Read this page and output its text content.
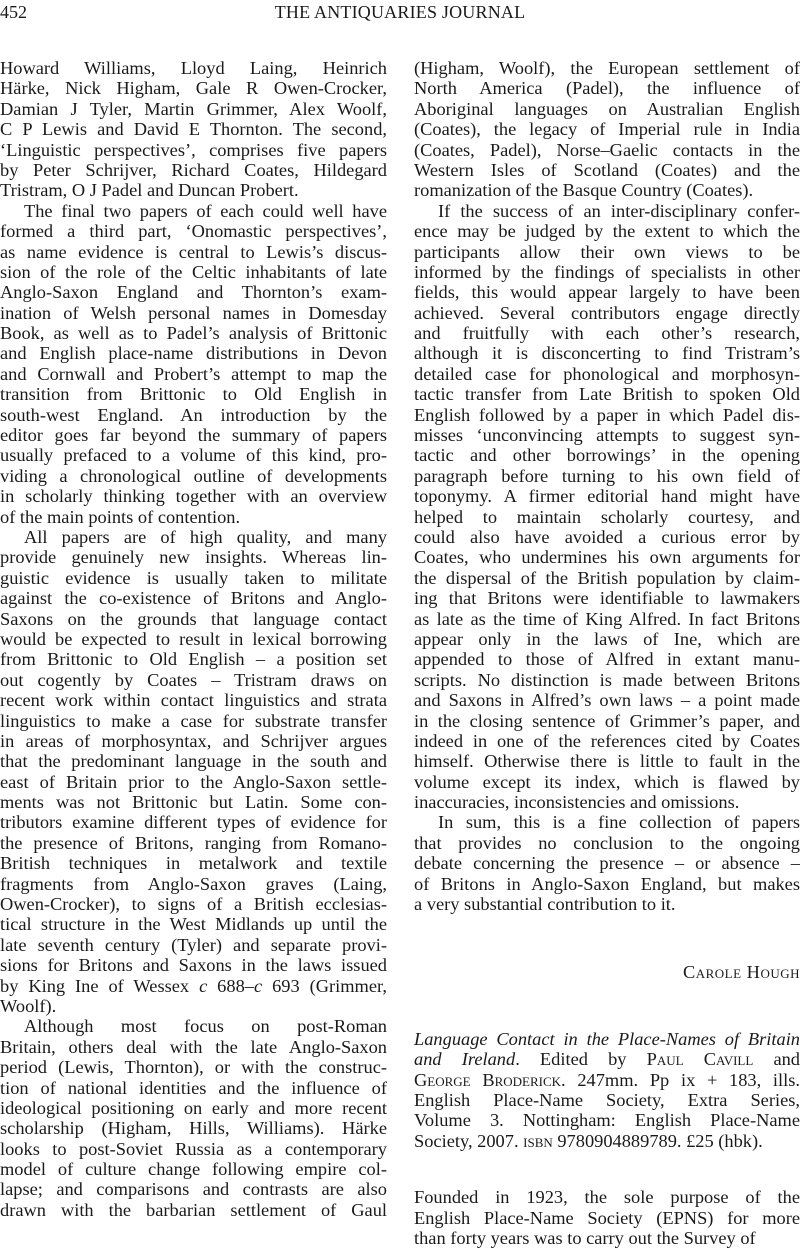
452	THE ANTIQUARIES JOURNAL
Howard Williams, Lloyd Laing, Heinrich
Härke, Nick Higham, Gale R Owen-Crocker,
Damian J Tyler, Martin Grimmer, Alex Woolf,
C P Lewis and David E Thornton. The second,
‘Linguistic perspectives’, comprises five papers
by Peter Schrijver, Richard Coates, Hildegard
Tristram, O J Padel and Duncan Probert.
The final two papers of each could well have
formed a third part, ‘Onomastic perspectives’,
as name evidence is central to Lewis’s discus-
sion of the role of the Celtic inhabitants of late
Anglo-Saxon England and Thornton’s exam-
ination of Welsh personal names in Domesday
Book, as well as to Padel’s analysis of Brittonic
and English place-name distributions in Devon
and Cornwall and Probert’s attempt to map the
transition from Brittonic to Old English in
south-west England. An introduction by the
editor goes far beyond the summary of papers
usually prefaced to a volume of this kind, pro-
viding a chronological outline of developments
in scholarly thinking together with an overview
of the main points of contention.
All papers are of high quality, and many
provide genuinely new insights. Whereas lin-
guistic evidence is usually taken to militate
against the co-existence of Britons and Anglo-
Saxons on the grounds that language contact
would be expected to result in lexical borrowing
from Brittonic to Old English – a position set
out cogently by Coates – Tristram draws on
recent work within contact linguistics and strata
linguistics to make a case for substrate transfer
in areas of morphosyntax, and Schrijver argues
that the predominant language in the south and
east of Britain prior to the Anglo-Saxon settle-
ments was not Brittonic but Latin. Some con-
tributors examine different types of evidence for
the presence of Britons, ranging from Romano-
British techniques in metalwork and textile
fragments from Anglo-Saxon graves (Laing,
Owen-Crocker), to signs of a British ecclesias-
tical structure in the West Midlands up until the
late seventh century (Tyler) and separate provi-
sions for Britons and Saxons in the laws issued
by King Ine of Wessex c 688–c 693 (Grimmer,
Woolf).
Although most focus on post-Roman
Britain, others deal with the late Anglo-Saxon
period (Lewis, Thornton), or with the construc-
tion of national identities and the influence of
ideological positioning on early and more recent
scholarship (Higham, Hills, Williams). Härke
looks to post-Soviet Russia as a contemporary
model of culture change following empire col-
lapse; and comparisons and contrasts are also
drawn with the barbarian settlement of Gaul
(Higham, Woolf), the European settlement of
North America (Padel), the influence of
Aboriginal languages on Australian English
(Coates), the legacy of Imperial rule in India
(Coates, Padel), Norse–Gaelic contacts in the
Western Isles of Scotland (Coates) and the
romanization of the Basque Country (Coates).
If the success of an inter-disciplinary confer-
ence may be judged by the extent to which the
participants allow their own views to be
informed by the findings of specialists in other
fields, this would appear largely to have been
achieved. Several contributors engage directly
and fruitfully with each other’s research,
although it is disconcerting to find Tristram’s
detailed case for phonological and morphosyn-
tactic transfer from Late British to spoken Old
English followed by a paper in which Padel dis-
misses ‘unconvincing attempts to suggest syn-
tactic and other borrowings’ in the opening
paragraph before turning to his own field of
toponymy. A firmer editorial hand might have
helped to maintain scholarly courtesy, and
could also have avoided a curious error by
Coates, who undermines his own arguments for
the dispersal of the British population by claim-
ing that Britons were identifiable to lawmakers
as late as the time of King Alfred. In fact Britons
appear only in the laws of Ine, which are
appended to those of Alfred in extant manu-
scripts. No distinction is made between Britons
and Saxons in Alfred’s own laws – a point made
in the closing sentence of Grimmer’s paper, and
indeed in one of the references cited by Coates
himself. Otherwise there is little to fault in the
volume except its index, which is flawed by
inaccuracies, inconsistencies and omissions.
In sum, this is a fine collection of papers
that provides no conclusion to the ongoing
debate concerning the presence – or absence –
of Britons in Anglo-Saxon England, but makes
a very substantial contribution to it.
Carole Hough
Language Contact in the Place-Names of Britain
and Ireland. Edited by Paul Cavill and
George Broderick. 247mm. Pp ix + 183, ills.
English Place-Name Society, Extra Series,
Volume 3. Nottingham: English Place-Name
Society, 2007. isbn 9780904889789. £25 (hbk).
Founded in 1923, the sole purpose of the
English Place-Name Society (EPNS) for more
than forty years was to carry out the Survey of
